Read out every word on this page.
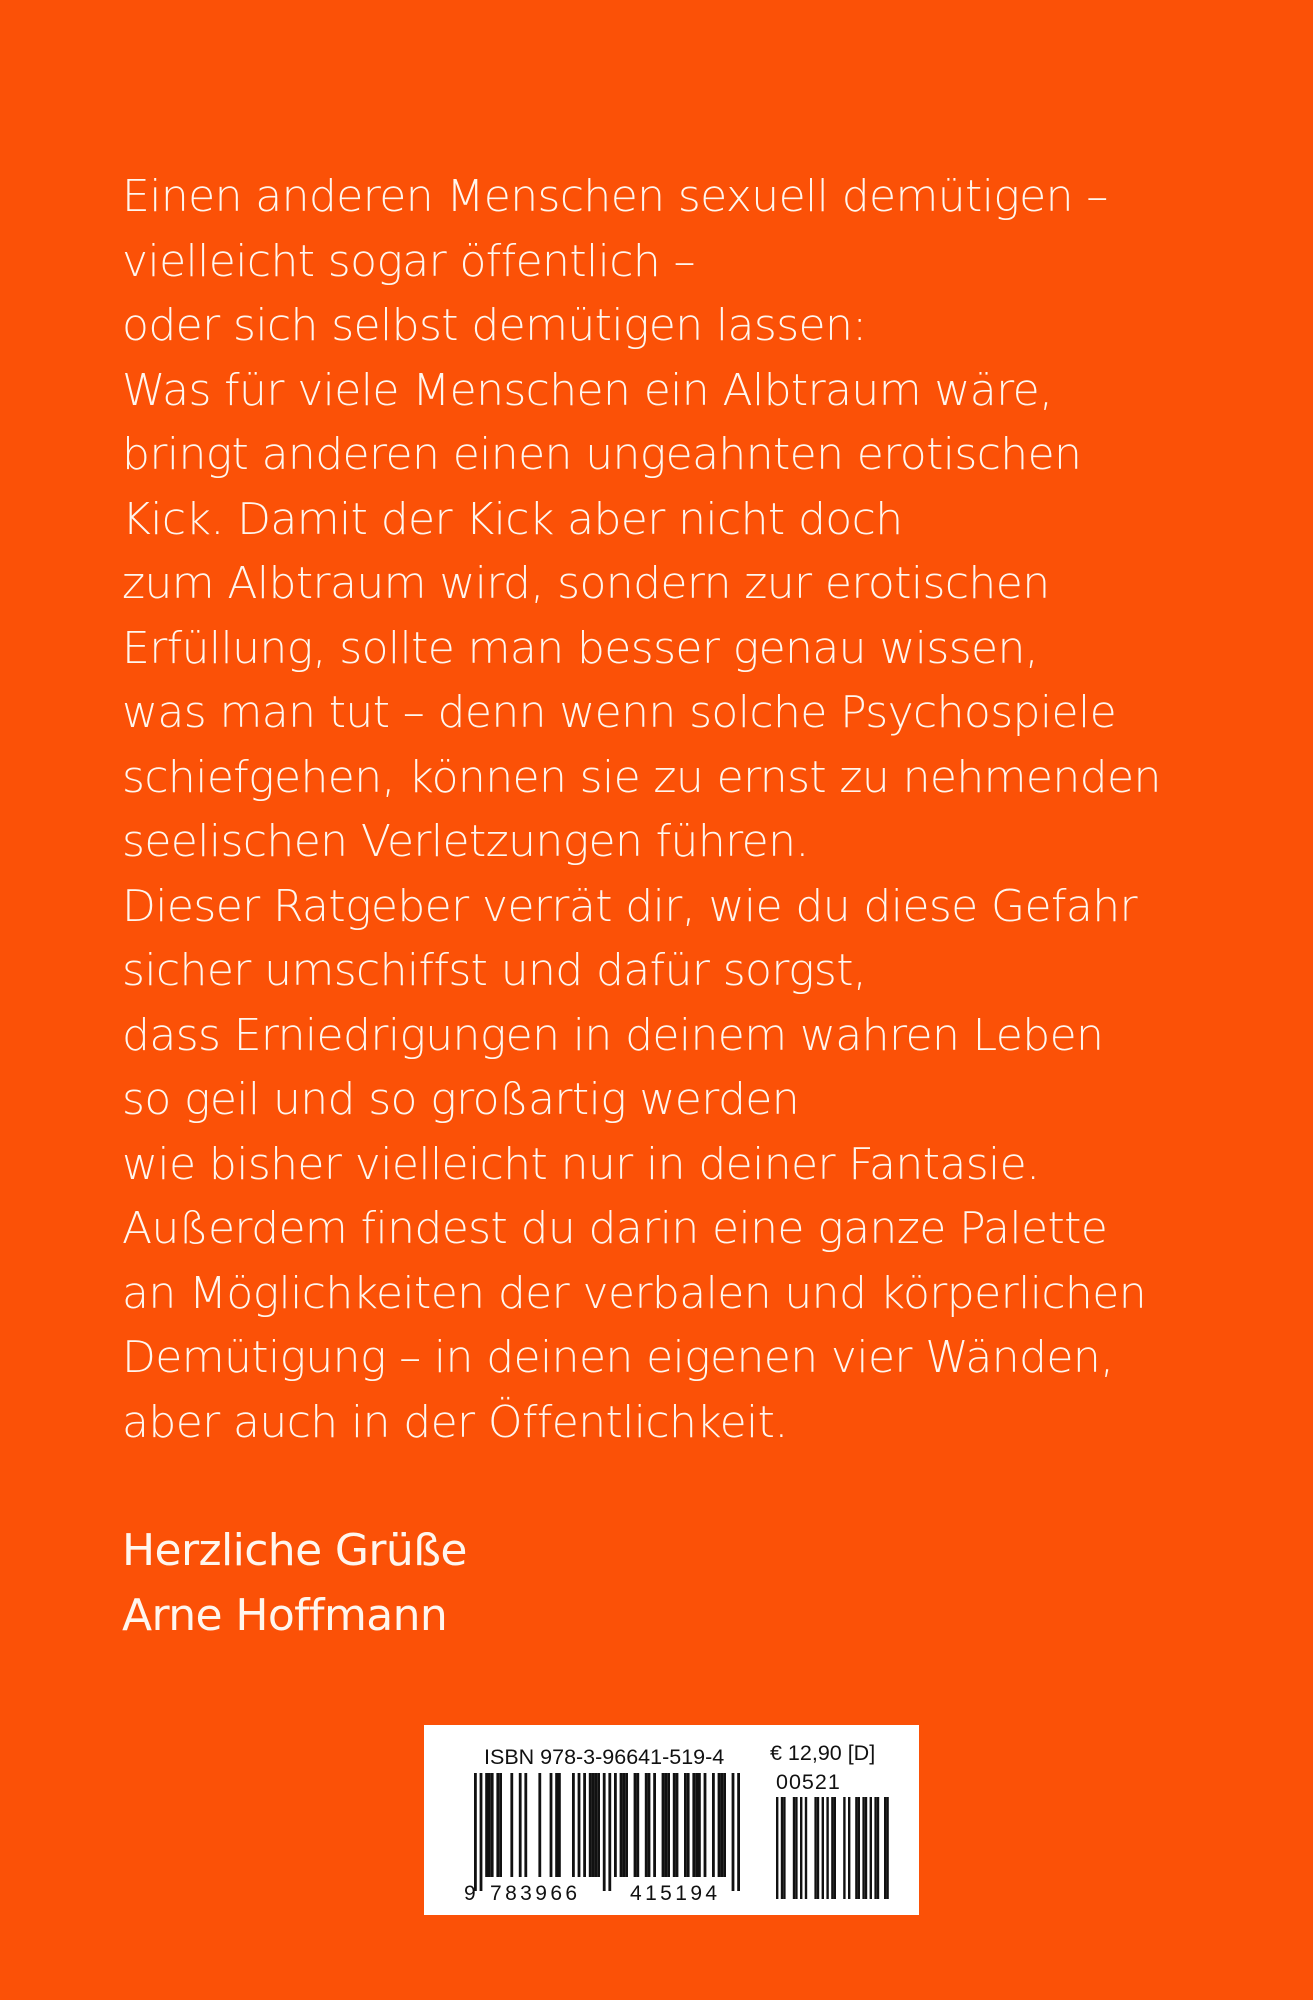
Einen anderen Menschen sexuell demütigen –
vielleicht sogar öffentlich –
oder sich selbst demütigen lassen:
Was für viele Menschen ein Albtraum wäre,
bringt anderen einen ungeahnten erotischen
Kick. Damit der Kick aber nicht doch
zum Albtraum wird, sondern zur erotischen
Erfüllung, sollte man besser genau wissen,
was man tut – denn wenn solche Psychospiele
schiefgehen, können sie zu ernst zu nehmenden
seelischen Verletzungen führen.
Dieser Ratgeber verrät dir, wie du diese Gefahr
sicher umschiffst und dafür sorgst,
dass Erniedrigungen in deinem wahren Leben
so geil und so großartig werden
wie bisher vielleicht nur in deiner Fantasie.
Außerdem findest du darin eine ganze Palette
an Möglichkeiten der verbalen und körperlichen
Demütigung – in deinen eigenen vier Wänden,
aber auch in der Öffentlichkeit.
Herzliche Grüße
Arne Hoffmann
ISBN 978-3-96641-519-4 € 12,90 [D]
00521
9 783966 415194
